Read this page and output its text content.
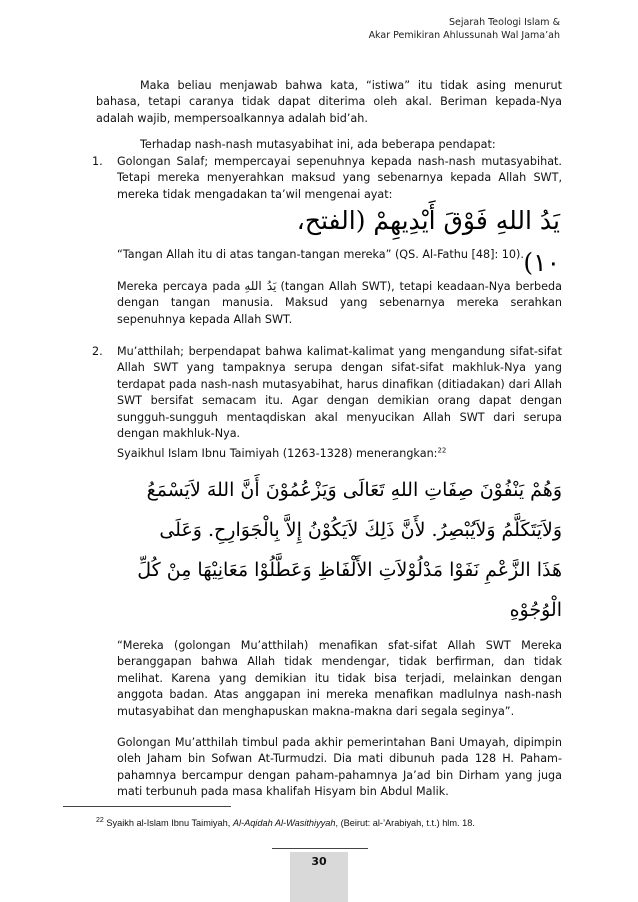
Sejarah Teologi Islam &
Akar Pemikiran Ahlussunah Wal Jama’ah
Maka beliau menjawab bahwa kata, “istiwa” itu tidak asing menurut bahasa, tetapi caranya tidak dapat diterima oleh akal. Beriman kepada-Nya adalah wajib, mempersoalkannya adalah bid’ah.
Terhadap nash-nash mutasyabihat ini, ada beberapa pendapat:
1. Golongan Salaf; mempercayai sepenuhnya kepada nash-nash mutasyabihat. Tetapi mereka menyerahkan maksud yang sebenarnya kepada Allah SWT, mereka tidak mengadakan ta’wil mengenai ayat:
يَدُ اللهِ فَوْقَ أَيْدِيهِمْ (الفتح، ١٠)
“Tangan Allah itu di atas tangan-tangan mereka” (QS. Al-Fathu [48]: 10).
Mereka percaya pada يَدُ اللهِ (tangan Allah SWT), tetapi keadaan-Nya berbeda dengan tangan manusia. Maksud yang sebenarnya mereka serahkan sepenuhnya kepada Allah SWT.
2. Mu’atthilah; berpendapat bahwa kalimat-kalimat yang mengandung sifat-sifat Allah SWT yang tampaknya serupa dengan sifat-sifat makhluk-Nya yang terdapat pada nash-nash mutasyabihat, harus dinafikan (ditiadakan) dari Allah SWT bersifat semacam itu. Agar dengan demikian orang dapat dengan sungguh-sungguh mentaqdiskan akal menyucikan Allah SWT dari serupa dengan makhluk-Nya.
Syaikhul Islam Ibnu Taimiyah (1263-1328) menerangkan:$^{22}$
وَهُمْ يَنْفُوْنَ صِفَاتِ اللهِ تَعَالَى وَيَزْعُمُوْنَ أَنَّ اللهَ لاَيَسْمَعُ
وَلاَيَتَكَلَّمُ وَلاَيُبْصِرُ. لأَنَّ ذَلِكَ لاَيَكُوْنُ إِلاَّ بِالْجَوَارِحِ. وَعَلَى
هَذَا الزَّعْمِ نَفَوْا مَدْلُوْلاَتِ الأَلْفَاظِ وَعَطَّلُوْا مَعَانِيْهَا مِنْ كُلِّ
الْوُجُوْهِ
“Mereka (golongan Mu’atthilah) menafikan sfat-sifat Allah SWT Mereka beranggapan bahwa Allah tidak mendengar, tidak berfirman, dan tidak melihat. Karena yang demikian itu tidak bisa terjadi, melainkan dengan anggota badan. Atas anggapan ini mereka menafikan madlulnya nash-nash mutasyabihat dan menghapuskan makna-makna dari segala seginya”.
Golongan Mu’atthilah timbul pada akhir pemerintahan Bani Umayah, dipimpin oleh Jaham bin Sofwan At-Turmudzi. Dia mati dibunuh pada 128 H. Paham-pahamnya bercampur dengan paham-pahamnya Ja’ad bin Dirham yang juga mati terbunuh pada masa khalifah Hisyam bin Abdul Malik.
$^{22}$ Syaikh al-Islam Ibnu Taimiyah, Al-Aqidah Al-Wasithiyyah, (Beirut: al-’Arabiyah, t.t.) hlm. 18.
30
